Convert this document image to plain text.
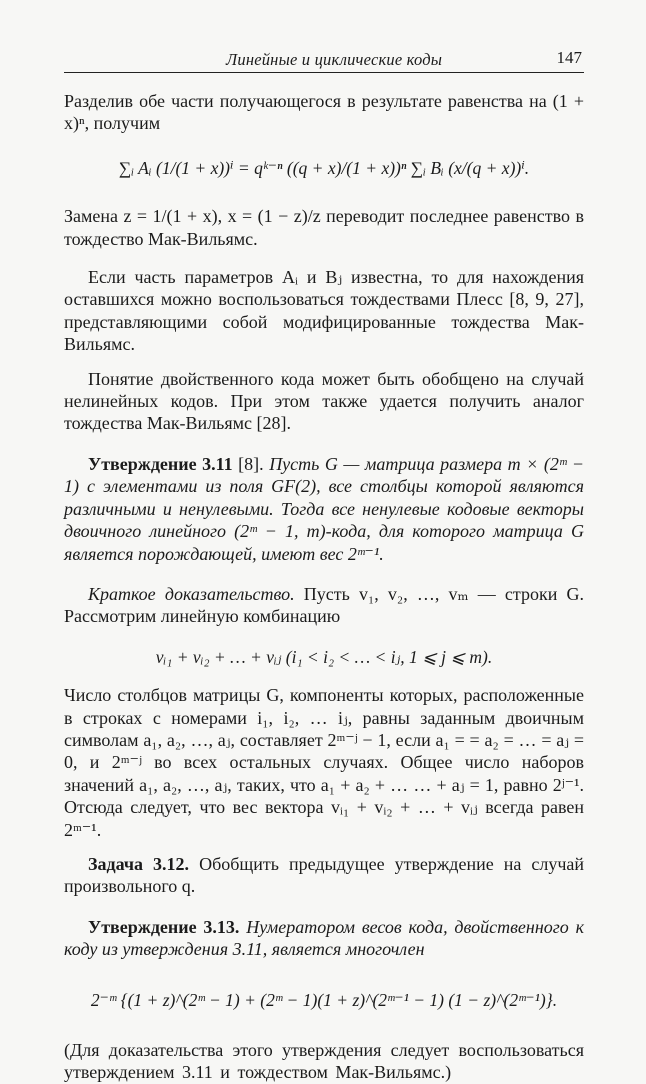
Линейные и циклические коды	147

Разделив обе части получающегося в результате равенства на (1 + x)ⁿ, получим

∑ᵢ Aᵢ (1/(1 + x))ⁱ = qᵏ⁻ⁿ ((q + x)/(1 + x))ⁿ ∑ᵢ Bᵢ (x/(q + x))ⁱ.

Замена z = 1/(1 + x), x = (1 − z)/z переводит последнее равенство в тождество Мак-Вильямс.

Если часть параметров Aᵢ и Bⱼ известна, то для нахождения оставшихся можно воспользоваться тождествами Плесс [8, 9, 27], представляющими собой модифицированные тождества Мак-Вильямс.

Понятие двойственного кода может быть обобщено на случай нелинейных кодов. При этом также удается получить аналог тождества Мак-Вильямс [28].

Утверждение 3.11 [8]. Пусть G — матрица размера m × (2ᵐ − 1) с элементами из поля GF(2), все столбцы которой являются различными и ненулевыми. Тогда все ненулевые кодовые векторы двоичного линейного (2ᵐ − 1, m)-кода, для которого матрица G является порождающей, имеют вес 2ᵐ⁻¹.

Краткое доказательство. Пусть v₁, v₂, …, vₘ — строки G. Рассмотрим линейную комбинацию

vᵢ₁ + vᵢ₂ + … + vᵢⱼ (i₁ < i₂ < … < iⱼ, 1 ⩽ j ⩽ m).

Число столбцов матрицы G, компоненты которых, расположенные в строках с номерами i₁, i₂, … iⱼ, равны заданным двоичным символам a₁, a₂, …, aⱼ, составляет 2ᵐ⁻ʲ − 1, если a₁ = = a₂ = … = aⱼ = 0, и 2ᵐ⁻ʲ во всех остальных случаях. Общее число наборов значений a₁, a₂, …, aⱼ, таких, что a₁ + a₂ + … … + aⱼ = 1, равно 2ʲ⁻¹. Отсюда следует, что вес вектора vᵢ₁ + vᵢ₂ + … + vᵢⱼ всегда равен 2ᵐ⁻¹.

Задача 3.12. Обобщить предыдущее утверждение на случай произвольного q.

Утверждение 3.13. Нумератором весов кода, двойственного к коду из утверждения 3.11, является многочлен

2⁻ᵐ {(1 + z)^(2ᵐ − 1) + (2ᵐ − 1)(1 + z)^(2ᵐ⁻¹ − 1) (1 − z)^(2ᵐ⁻¹)}.

(Для доказательства этого утверждения следует воспользоваться утверждением 3.11 и тождеством Мак-Вильямс.)
